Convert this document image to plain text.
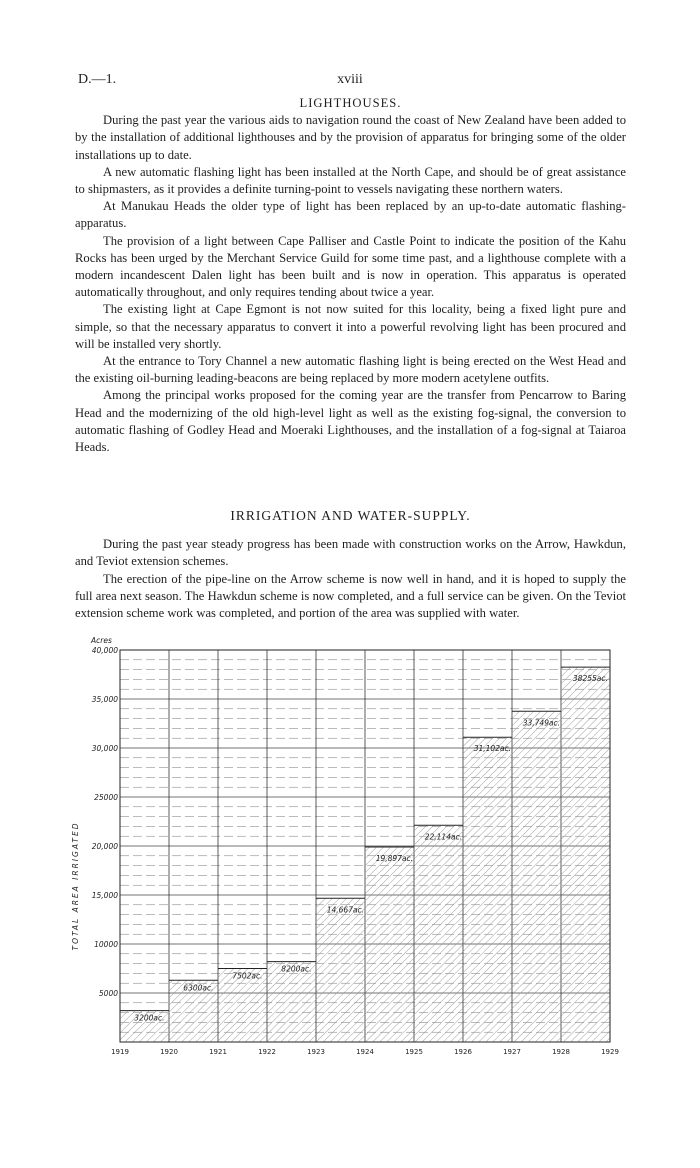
D.—1.	xviii

LIGHTHOUSES.

During the past year the various aids to navigation round the coast of New Zealand have been added to by the installation of additional lighthouses and by the provision of apparatus for bringing some of the older installations up to date.

A new automatic flashing light has been installed at the North Cape, and should be of great assistance to shipmasters, as it provides a definite turning-point to vessels navigating these northern waters.

At Manukau Heads the older type of light has been replaced by an up-to-date automatic flashing-apparatus.

The provision of a light between Cape Palliser and Castle Point to indicate the position of the Kahu Rocks has been urged by the Merchant Service Guild for some time past, and a lighthouse complete with a modern incandescent Dalen light has been built and is now in operation. This apparatus is operated automatically throughout, and only requires tending about twice a year.

The existing light at Cape Egmont is not now suited for this locality, being a fixed light pure and simple, so that the necessary apparatus to convert it into a powerful revolving light has been procured and will be installed very shortly.

At the entrance to Tory Channel a new automatic flashing light is being erected on the West Head and the existing oil-burning leading-beacons are being replaced by more modern acetylene outfits.

Among the principal works proposed for the coming year are the transfer from Pencarrow to Baring Head and the modernizing of the old high-level light as well as the existing fog-signal, the conversion to automatic flashing of Godley Head and Moeraki Lighthouses, and the installation of a fog-signal at Taiaroa Heads.

IRRIGATION AND WATER-SUPPLY.

During the past year steady progress has been made with construction works on the Arrow, Hawkdun, and Teviot extension schemes.

The erection of the pipe-line on the Arrow scheme is now well in hand, and it is hoped to supply the full area next season. The Hawkdun scheme is now completed, and a full service can be given. On the Teviot extension scheme work was completed, and portion of the area was supplied with water.

5000
10000
15,000
20,000
25000
30,000
35,000
40,000
Acres
TOTAL AREA IRRIGATED
1919	1920	1921	1922	1923	1924	1925	1926	1927	1928	1929
3200ac.
6300ac.
7502ac.
8200ac.
14,667ac.
19,897ac.
22,114ac.
31,102ac.
33,749ac.
38255ac.
